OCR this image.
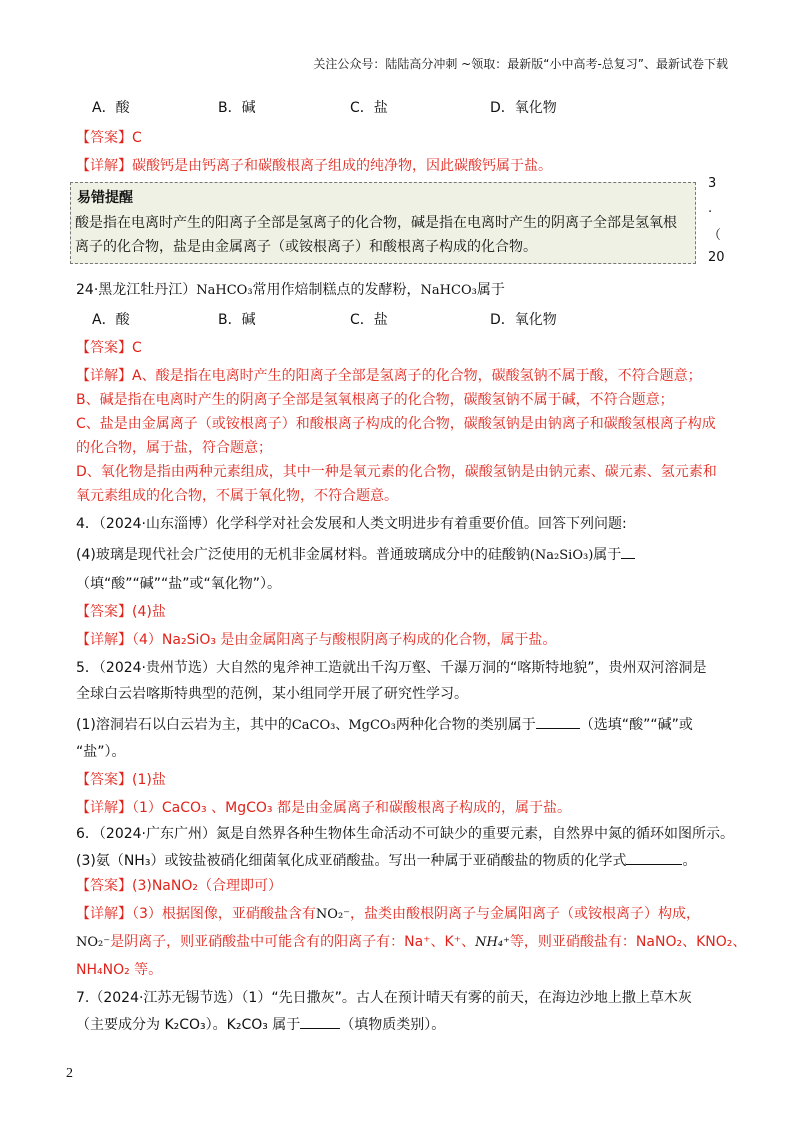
关注公众号：陆陆高分冲刺 ~领取：最新版“小中高考-总复习”、最新试卷下载
A．酸	B．碱	C．盐	D．氧化物
【答案】C
【详解】碳酸钙是由钙离子和碳酸根离子组成的纯净物，因此碳酸钙属于盐。
易错提醒
酸是指在电离时产生的阳离子全部是氢离子的化合物，碱是指在电离时产生的阴离子全部是氢氧根离子的化合物，盐是由金属离子（或铵根离子）和酸根离子构成的化合物。
3
.
（
20
24·黑龙江牡丹江）NaHCO₃常用作焙制糕点的发酵粉，NaHCO₃属于
A．酸	B．碱	C．盐	D．氧化物
【答案】C
【详解】A、酸是指在电离时产生的阳离子全部是氢离子的化合物，碳酸氢钠不属于酸，不符合题意；
B、碱是指在电离时产生的阴离子全部是氢氧根离子的化合物，碳酸氢钠不属于碱，不符合题意；
C、盐是由金属离子（或铵根离子）和酸根离子构成的化合物，碳酸氢钠是由钠离子和碳酸氢根离子构成
的化合物，属于盐，符合题意；
D、氧化物是指由两种元素组成，其中一种是氧元素的化合物，碳酸氢钠是由钠元素、碳元素、氢元素和
氧元素组成的化合物，不属于氧化物，不符合题意。
4．（2024·山东淄博）化学科学对社会发展和人类文明进步有着重要价值。回答下列问题:
(4)玻璃是现代社会广泛使用的无机非金属材料。普通玻璃成分中的硅酸钠(Na₂SiO₃)属于
（填“酸”“碱”“盐”或“氧化物”）。
【答案】(4)盐
【详解】（4）Na₂SiO₃ 是由金属阳离子与酸根阴离子构成的化合物，属于盐。
5．（2024·贵州节选）大自然的鬼斧神工造就出千沟万壑、千瀑万洞的“喀斯特地貌”，贵州双河溶洞是
全球白云岩喀斯特典型的范例，某小组同学开展了研究性学习。
(1)溶洞岩石以白云岩为主，其中的CaCO₃、MgCO₃两种化合物的类别属于	（选填“酸”“碱”或
“盐”）。
【答案】(1)盐
【详解】（1）CaCO₃ 、MgCO₃ 都是由金属离子和碳酸根离子构成的，属于盐。
6．（2024·广东广州）氮是自然界各种生物体生命活动不可缺少的重要元素，自然界中氮的循环如图所示。
(3)氨（NH₃）或铵盐被硝化细菌氧化成亚硝酸盐。写出一种属于亚硝酸盐的物质的化学式	。
【答案】(3)NaNO₂（合理即可）
【详解】（3）根据图像，亚硝酸盐含有NO₂⁻，盐类由酸根阴离子与金属阳离子（或铵根离子）构成，
NO₂⁻是阴离子，则亚硝酸盐中可能含有的阳离子有：Na⁺、K⁺、NH₄⁺等，则亚硝酸盐有：NaNO₂、KNO₂、
NH₄NO₂ 等。
7.（2024·江苏无锡节选）（1）“先日撒灰”。古人在预计晴天有雾的前天，在海边沙地上撒上草木灰
（主要成分为 K₂CO₃）。K₂CO₃ 属于	（填物质类别）。
2
